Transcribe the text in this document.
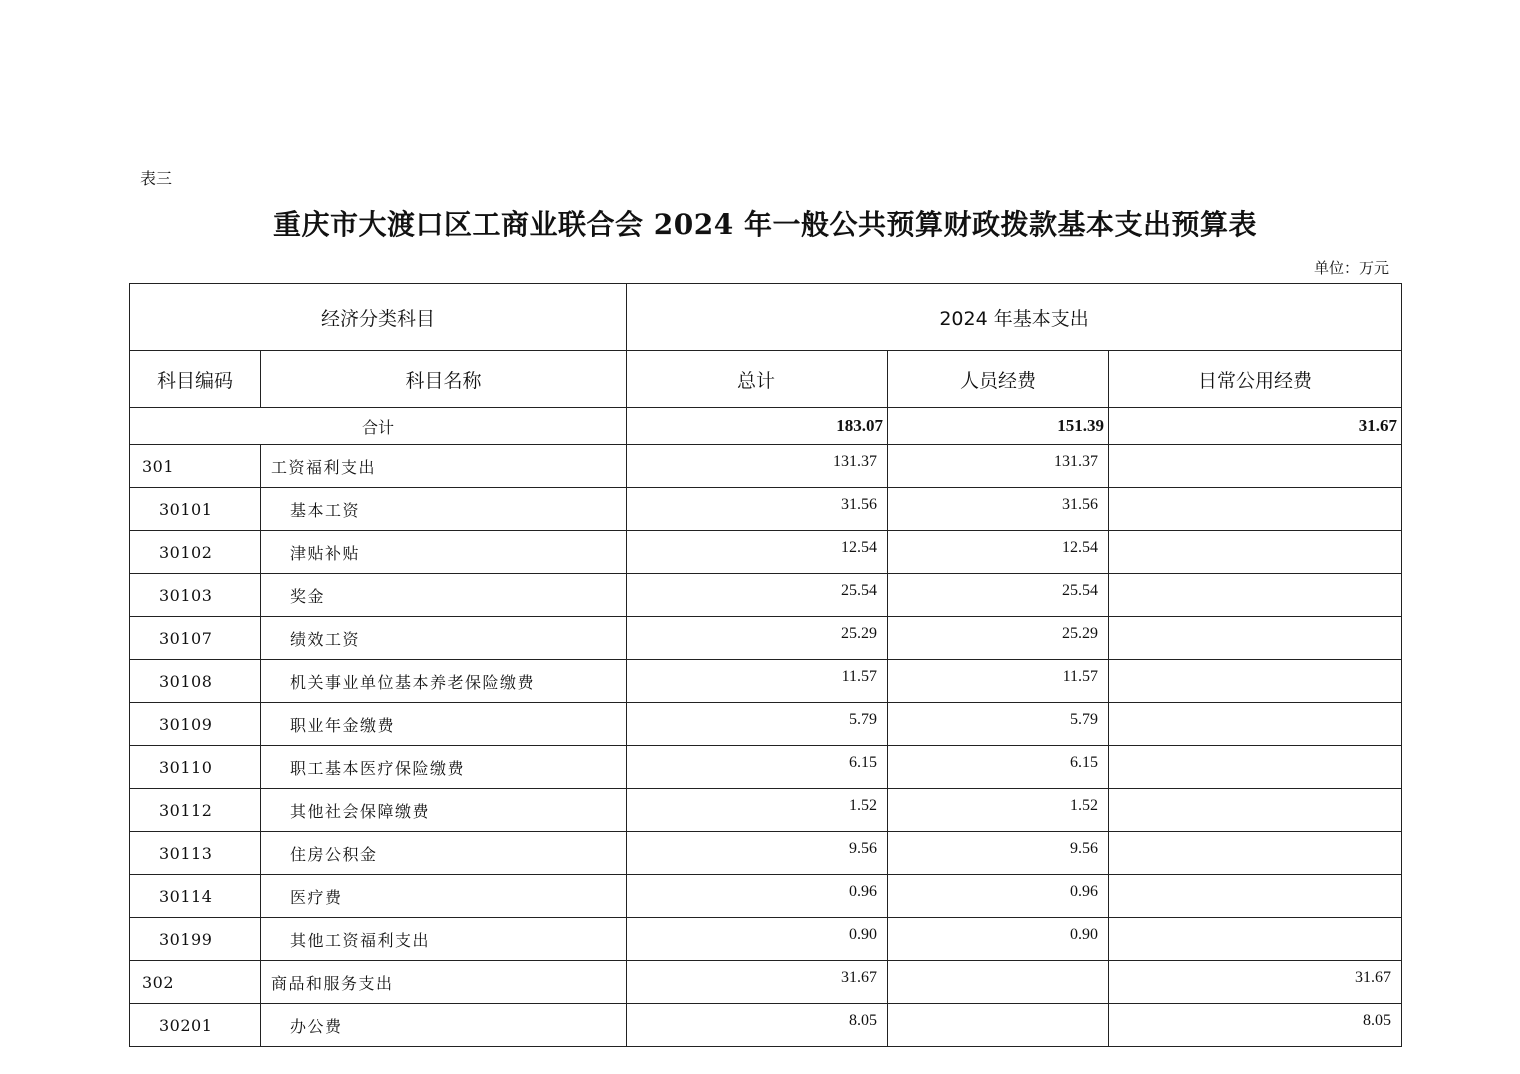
表三
重庆市大渡口区工商业联合会 2024 年一般公共预算财政拨款基本支出预算表
单位：万元
经济分类科目		2024 年基本支出		
科目编码	科目名称	总计	人员经费	日常公用经费
合计		183.07	151.39	31.67
301	工资福利支出	131.37	131.37	
30101	基本工资	31.56	31.56	
30102	津贴补贴	12.54	12.54	
30103	奖金	25.54	25.54	
30107	绩效工资	25.29	25.29	
30108	机关事业单位基本养老保险缴费	11.57	11.57	
30109	职业年金缴费	5.79	5.79	
30110	职工基本医疗保险缴费	6.15	6.15	
30112	其他社会保障缴费	1.52	1.52	
30113	住房公积金	9.56	9.56	
30114	医疗费	0.96	0.96	
30199	其他工资福利支出	0.90	0.90	
302	商品和服务支出	31.67		31.67
30201	办公费	8.05		8.05
